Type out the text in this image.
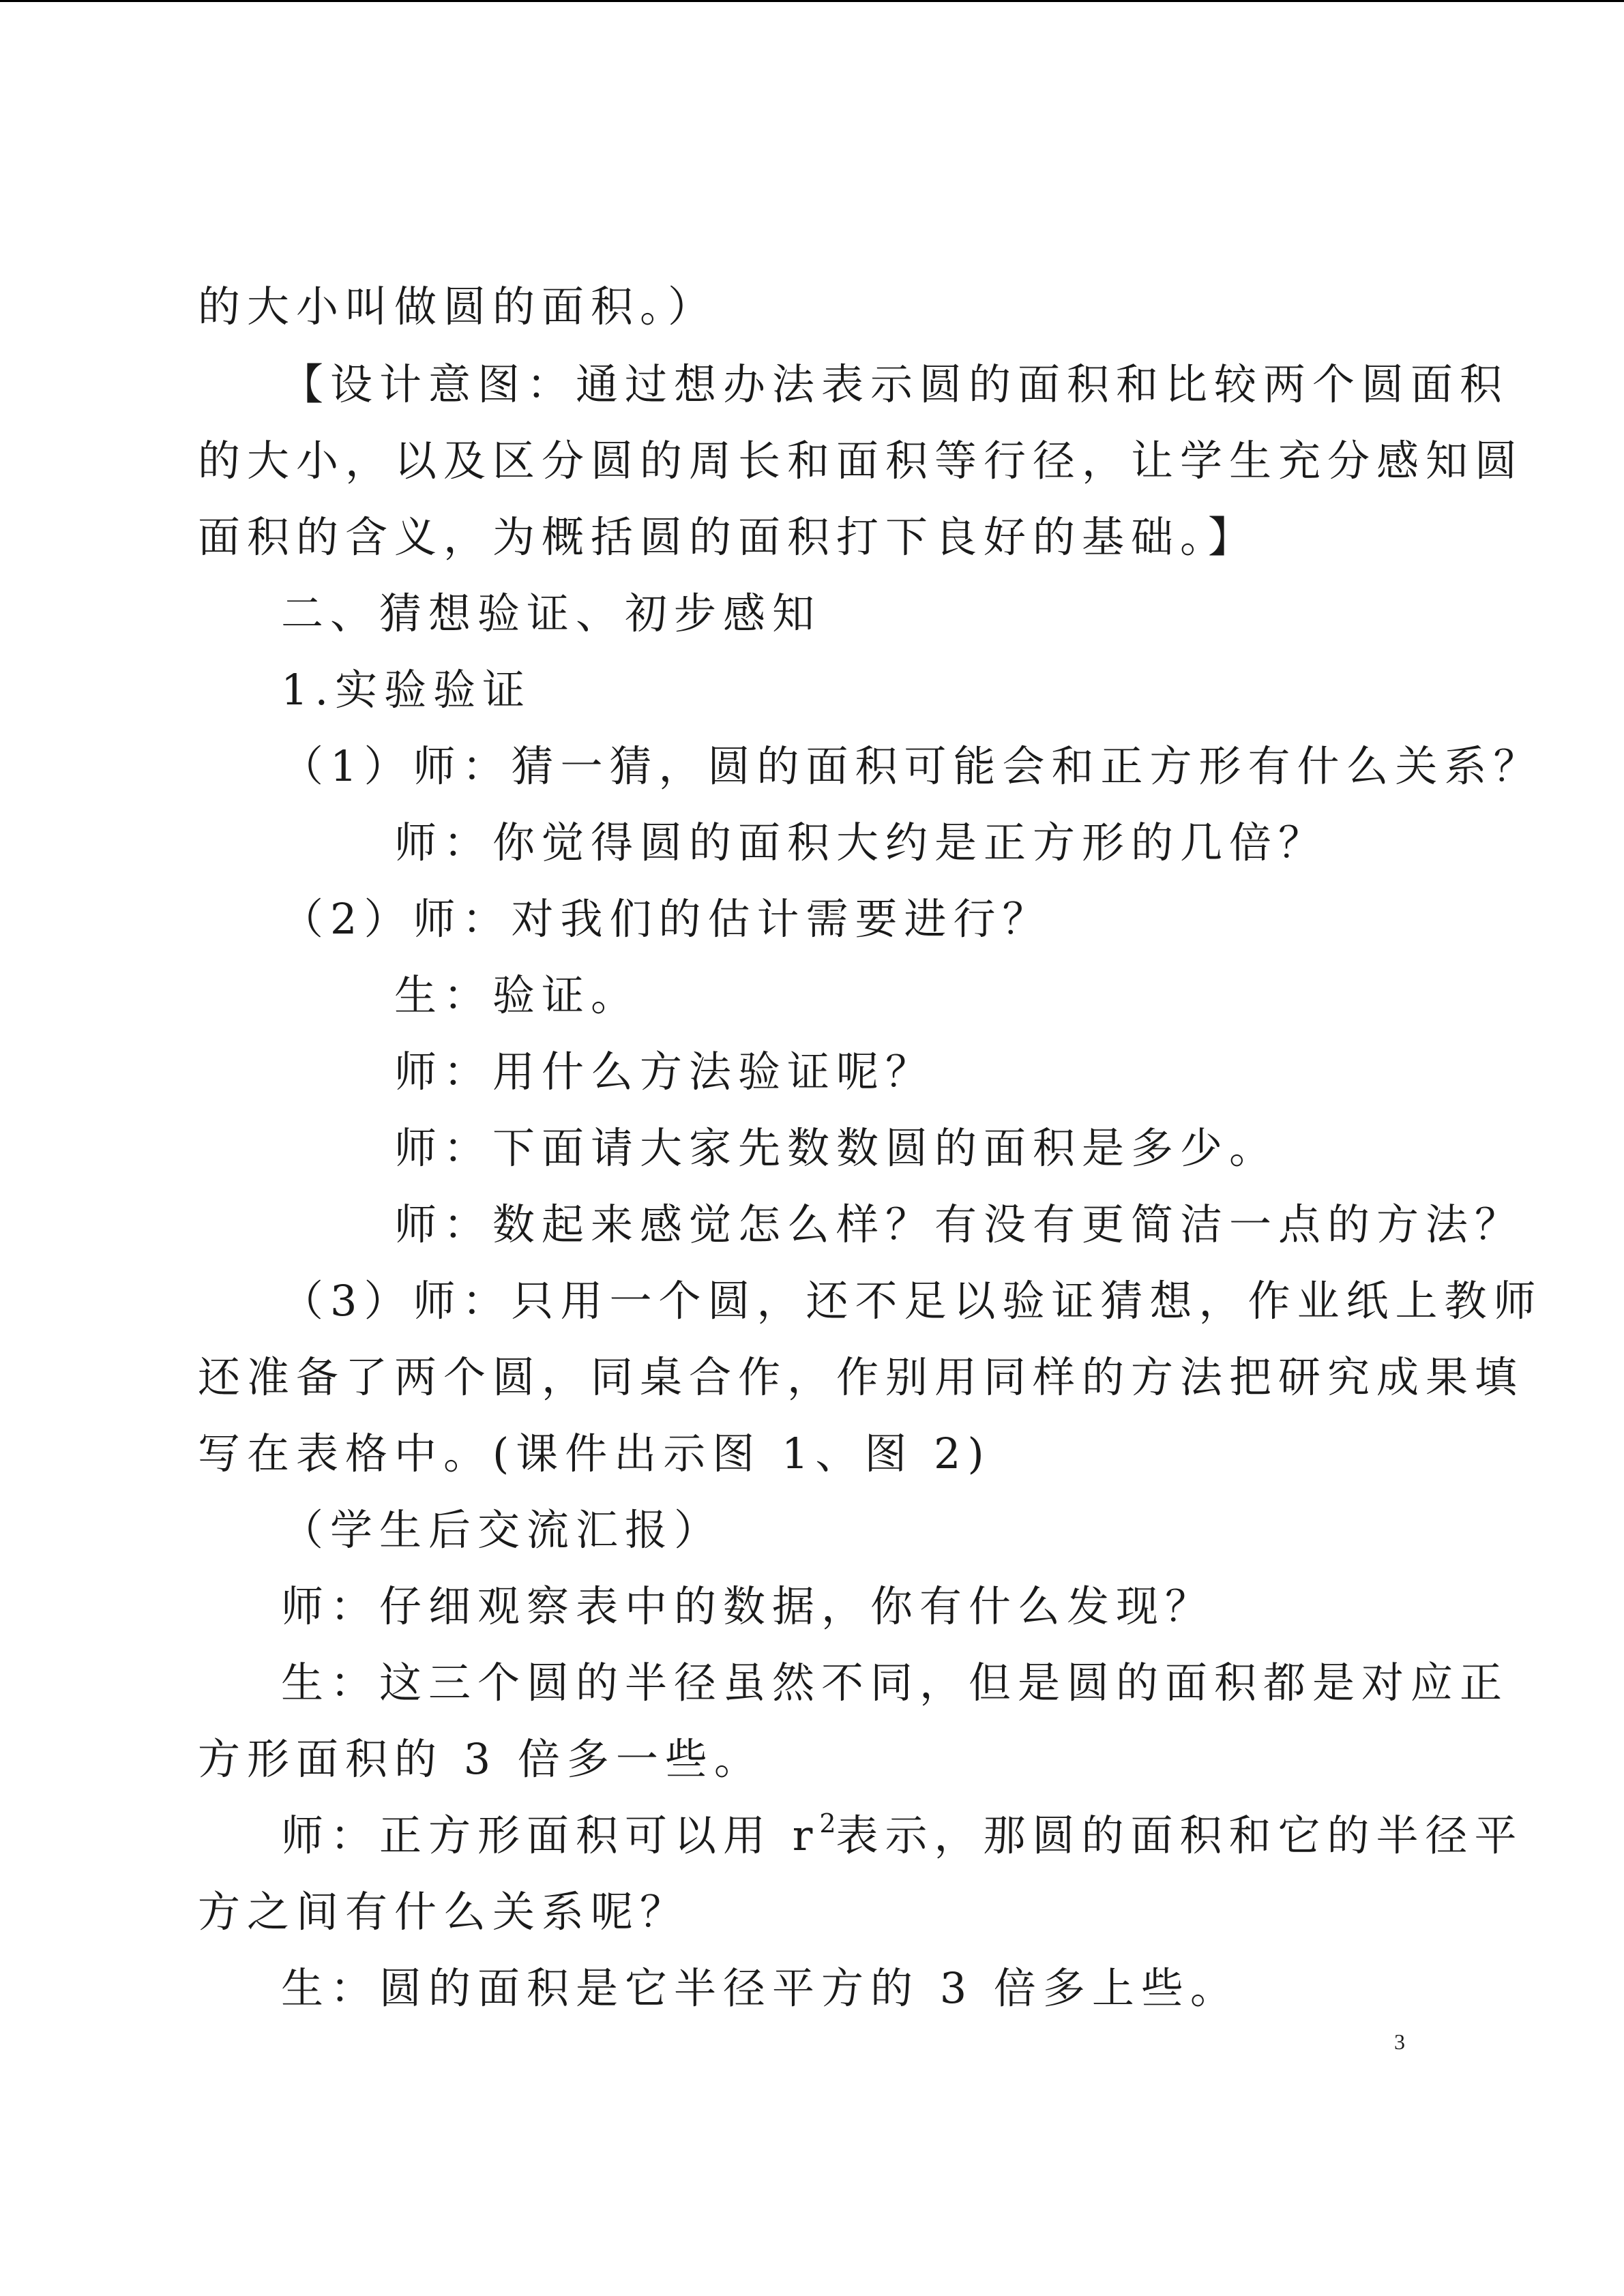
的大小叫做圆的面积。）
【设计意图：通过想办法表示圆的面积和比较两个圆面积
的大小，以及区分圆的周长和面积等行径，让学生充分感知圆
面积的含义，为概括圆的面积打下良好的基础。】
二、猜想验证、初步感知
1.实验验证
（1）师：猜一猜，圆的面积可能会和正方形有什么关系？
师：你觉得圆的面积大约是正方形的几倍？
（2）师：对我们的估计需要进行？
生：验证。
师：用什么方法验证呢？
师：下面请大家先数数圆的面积是多少。
师：数起来感觉怎么样？有没有更简洁一点的方法？
（3）师：只用一个圆，还不足以验证猜想，作业纸上教师
还准备了两个圆，同桌合作，作别用同样的方法把研究成果填
写在表格中。(课件出示图 1、图 2)
（学生后交流汇报）
师：仔细观察表中的数据，你有什么发现？
生：这三个圆的半径虽然不同，但是圆的面积都是对应正
方形面积的 3 倍多一些。
师：正方形面积可以用 $r^2$表示，那圆的面积和它的半径平
方之间有什么关系呢？
生：圆的面积是它半径平方的 3 倍多上些。
3
